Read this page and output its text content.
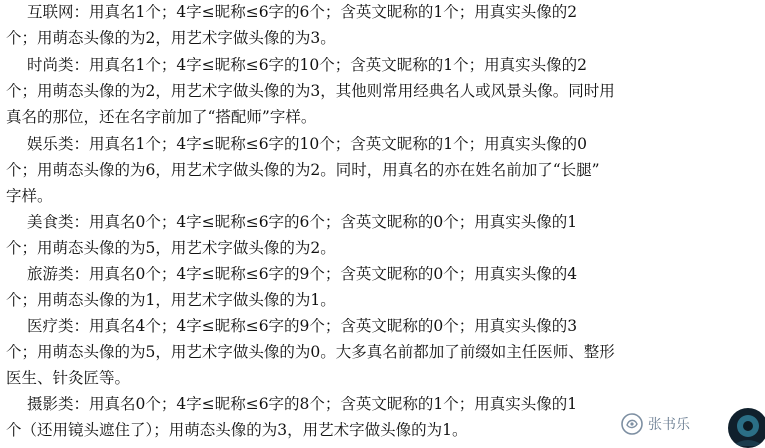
互联网：用真名1个；4字≤昵称≤6字的6个；含英文昵称的1个；用真实头像的2
个；用萌态头像的为2，用艺术字做头像的为3。
时尚类：用真名1个；4字≤昵称≤6字的10个；含英文昵称的1个；用真实头像的2
个；用萌态头像的为2，用艺术字做头像的为3，其他则常用经典名人或风景头像。同时用
真名的那位，还在名字前加了“搭配师”字样。
娱乐类：用真名1个；4字≤昵称≤6字的10个；含英文昵称的1个；用真实头像的0
个；用萌态头像的为6，用艺术字做头像的为2。同时，用真名的亦在姓名前加了“长腿”
字样。
美食类：用真名0个；4字≤昵称≤6字的6个；含英文昵称的0个；用真实头像的1
个；用萌态头像的为5，用艺术字做头像的为2。
旅游类：用真名0个；4字≤昵称≤6字的9个；含英文昵称的0个；用真实头像的4
个；用萌态头像的为1，用艺术字做头像的为1。
医疗类：用真名4个；4字≤昵称≤6字的9个；含英文昵称的0个；用真实头像的3
个；用萌态头像的为5，用艺术字做头像的为0。大多真名前都加了前缀如主任医师、整形
医生、针灸匠等。
摄影类：用真名0个；4字≤昵称≤6字的8个；含英文昵称的1个；用真实头像的1
个（还用镜头遮住了）；用萌态头像的为3，用艺术字做头像的为1。	张书乐
